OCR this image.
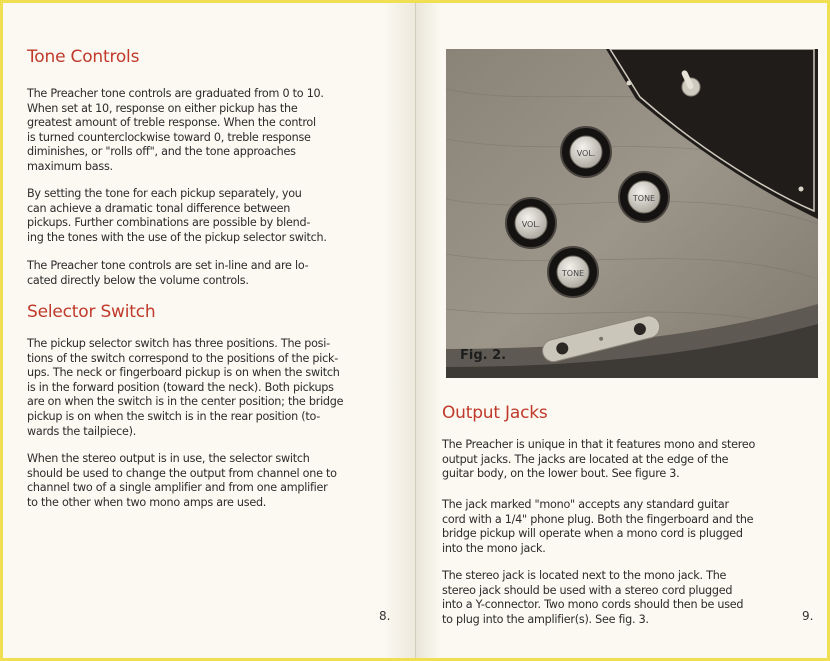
Tone Controls

The Preacher tone controls are graduated from 0 to 10.
When set at 10, response on either pickup has the
greatest amount of treble response. When the control
is turned counterclockwise toward 0, treble response
diminishes, or "rolls off", and the tone approaches
maximum bass.

By setting the tone for each pickup separately, you
can achieve a dramatic tonal difference between
pickups. Further combinations are possible by blend-
ing the tones with the use of the pickup selector switch.

The Preacher tone controls are set in-line and are lo-
cated directly below the volume controls.

Selector Switch

The pickup selector switch has three positions. The posi-
tions of the switch correspond to the positions of the pick-
ups. The neck or fingerboard pickup is on when the switch
is in the forward position (toward the neck). Both pickups
are on when the switch is in the center position; the bridge
pickup is on when the switch is in the rear position (to-
wards the tailpiece).

When the stereo output is in use, the selector switch
should be used to change the output from channel one to
channel two of a single amplifier and from one amplifier
to the other when two mono amps are used.

8.
VOL.
TONE
VOL.
TONE
Fig. 2.
Output Jacks

The Preacher is unique in that it features mono and stereo
output jacks. The jacks are located at the edge of the
guitar body, on the lower bout. See figure 3.

The jack marked "mono" accepts any standard guitar
cord with a 1/4" phone plug. Both the fingerboard and the
bridge pickup will operate when a mono cord is plugged
into the mono jack.

The stereo jack is located next to the mono jack. The
stereo jack should be used with a stereo cord plugged
into a Y-connector. Two mono cords should then be used
to plug into the amplifier(s). See fig. 3.	9.
